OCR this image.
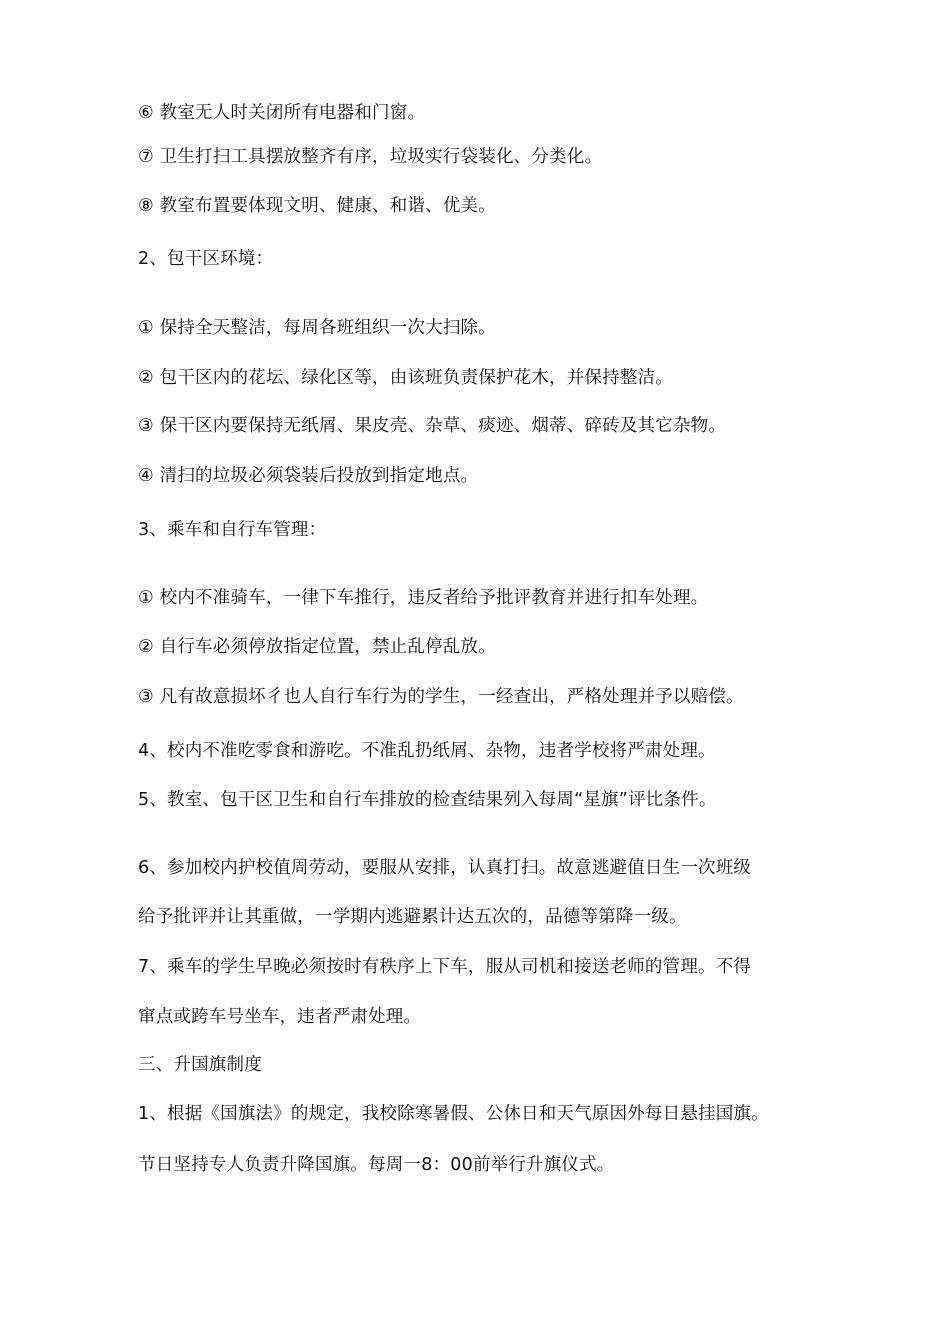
⑥ 教室无人时关闭所有电器和门窗。
⑦ 卫生打扫工具摆放整齐有序，垃圾实行袋装化、分类化。
⑧ 教室布置要体现文明、健康、和谐、优美。
2、包干区环境：
① 保持全天整洁，每周各班组织一次大扫除。
② 包干区内的花坛、绿化区等，由该班负责保护花木，并保持整洁。
③ 保干区内要保持无纸屑、果皮壳、杂草、痰迹、烟蒂、碎砖及其它杂物。
④ 清扫的垃圾必须袋装后投放到指定地点。
3、乘车和自行车管理：
① 校内不准骑车，一律下车推行，违反者给予批评教育并进行扣车处理。
② 自行车必须停放指定位置，禁止乱停乱放。
③ 凡有故意损坏彳也人自行车行为的学生，一经查出，严格处理并予以赔偿。
4、校内不准吃零食和游吃。不准乱扔纸屑、杂物，违者学校将严肃处理。
5、教室、包干区卫生和自行车排放的检查结果列入每周“星旗”评比条件。
6、参加校内护校值周劳动，要服从安排，认真打扫。故意逃避值日生一次班级
给予批评并让其重做，一学期内逃避累计达五次的，品德等第降一级。
7、乘车的学生早晚必须按时有秩序上下车，服从司机和接送老师的管理。不得
窜点或跨车号坐车，违者严肃处理。
三、升国旗制度
1、根据《国旗法》的规定，我校除寒暑假、公休日和天气原因外每日悬挂国旗。
节日坚持专人负责升降国旗。每周一8：00前举行升旗仪式。
